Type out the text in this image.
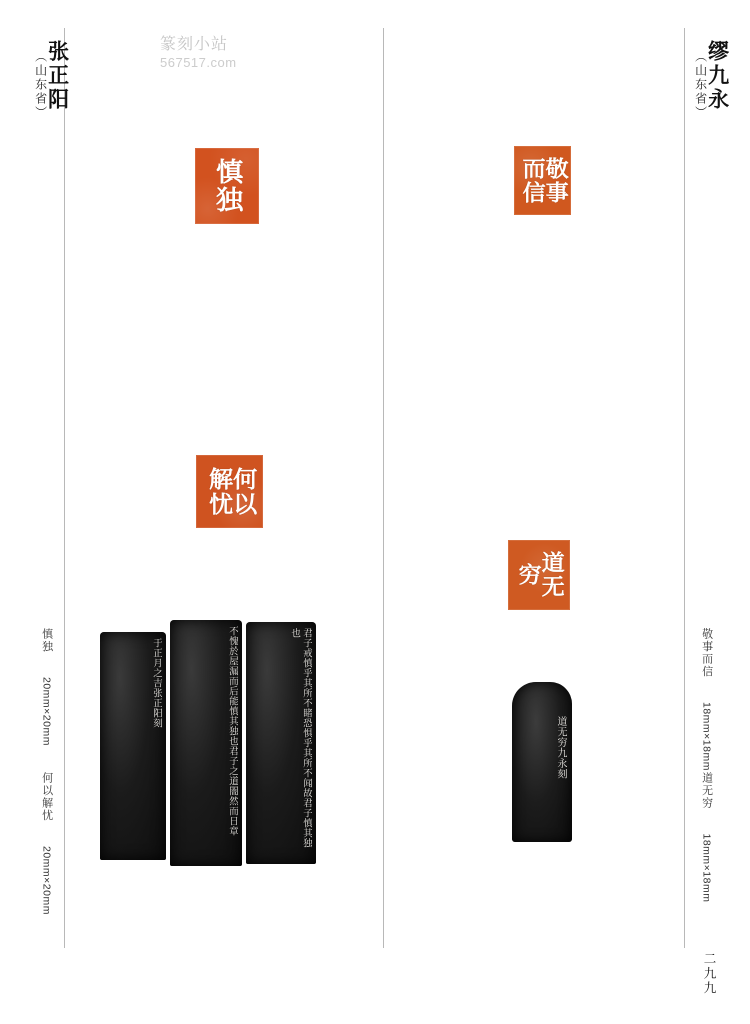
篆刻小站
567517.com
张正阳
（山东省）	缪九永
（山东省）
慎独
何以解忧
敬事而信
道无穷
于正月之吉张正阳刻	不愧於屋漏而后能慎其独也君子之道闇然而日章	君子戒慎乎其所不睹恐惧乎其所不闻故君子慎其独也
道无穷九永刻
慎独  20mm×20mm
何以解忧  20mm×20mm
敬事而信  18mm×18mm
道无穷  18mm×18mm
二九九
